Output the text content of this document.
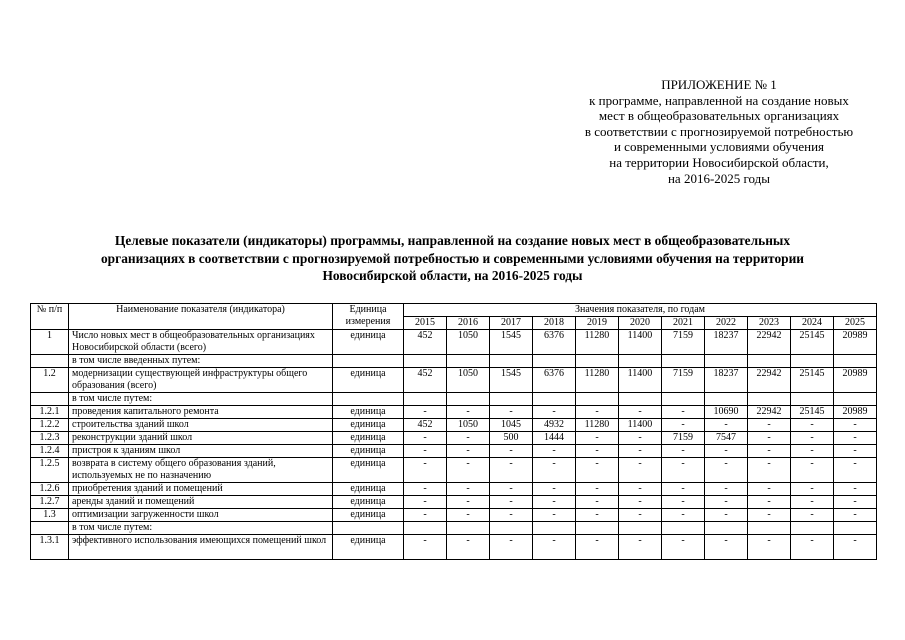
ПРИЛОЖЕНИЕ № 1
к программе, направленной на создание новых
мест в общеобразовательных организациях
в соответствии с прогнозируемой потребностью
и современными условиями обучения
на территории Новосибирской области,
на 2016-2025 годы
Целевые показатели (индикаторы) программы, направленной на создание новых мест в общеобразовательных
организациях в соответствии с прогнозируемой потребностью и современными условиями обучения на территории
Новосибирской области, на 2016-2025 годы
№ п/п	Наименование показателя (индикатора)	Единица измерения	Значения показателя, по годам										
			2015	2016	2017	2018	2019	2020	2021	2022	2023	2024	2025
1	Число новых мест в общеобразовательных организациях Новосибирской области (всего)	единица	452	1050	1545	6376	11280	11400	7159	18237	22942	25145	20989
	в том числе введенных путем:												
1.2	модернизации существующей инфраструктуры общего образования (всего)	единица	452	1050	1545	6376	11280	11400	7159	18237	22942	25145	20989
	в том числе путем:												
1.2.1	проведения капитального ремонта	единица	-	-	-	-	-	-	-	10690	22942	25145	20989
1.2.2	строительства зданий школ	единица	452	1050	1045	4932	11280	11400	-	-	-	-	-
1.2.3	реконструкции зданий школ	единица	-	-	500	1444	-	-	7159	7547	-	-	-
1.2.4	пристроя к зданиям школ	единица	-	-	-	-	-	-	-	-	-	-	-
1.2.5	возврата в систему общего образования зданий, используемых не по назначению	единица	-	-	-	-	-	-	-	-	-	-	-
1.2.6	приобретения зданий и помещений	единица	-	-	-	-	-	-	-	-	-	-	-
1.2.7	аренды зданий и помещений	единица	-	-	-	-	-	-	-	-	-	-	-
1.3	оптимизации загруженности школ	единица	-	-	-	-	-	-	-	-	-	-	-
	в том числе путем:												
1.3.1	эффективного использования имеющихся помещений школ	единица	-	-	-	-	-	-	-	-	-	-	-
